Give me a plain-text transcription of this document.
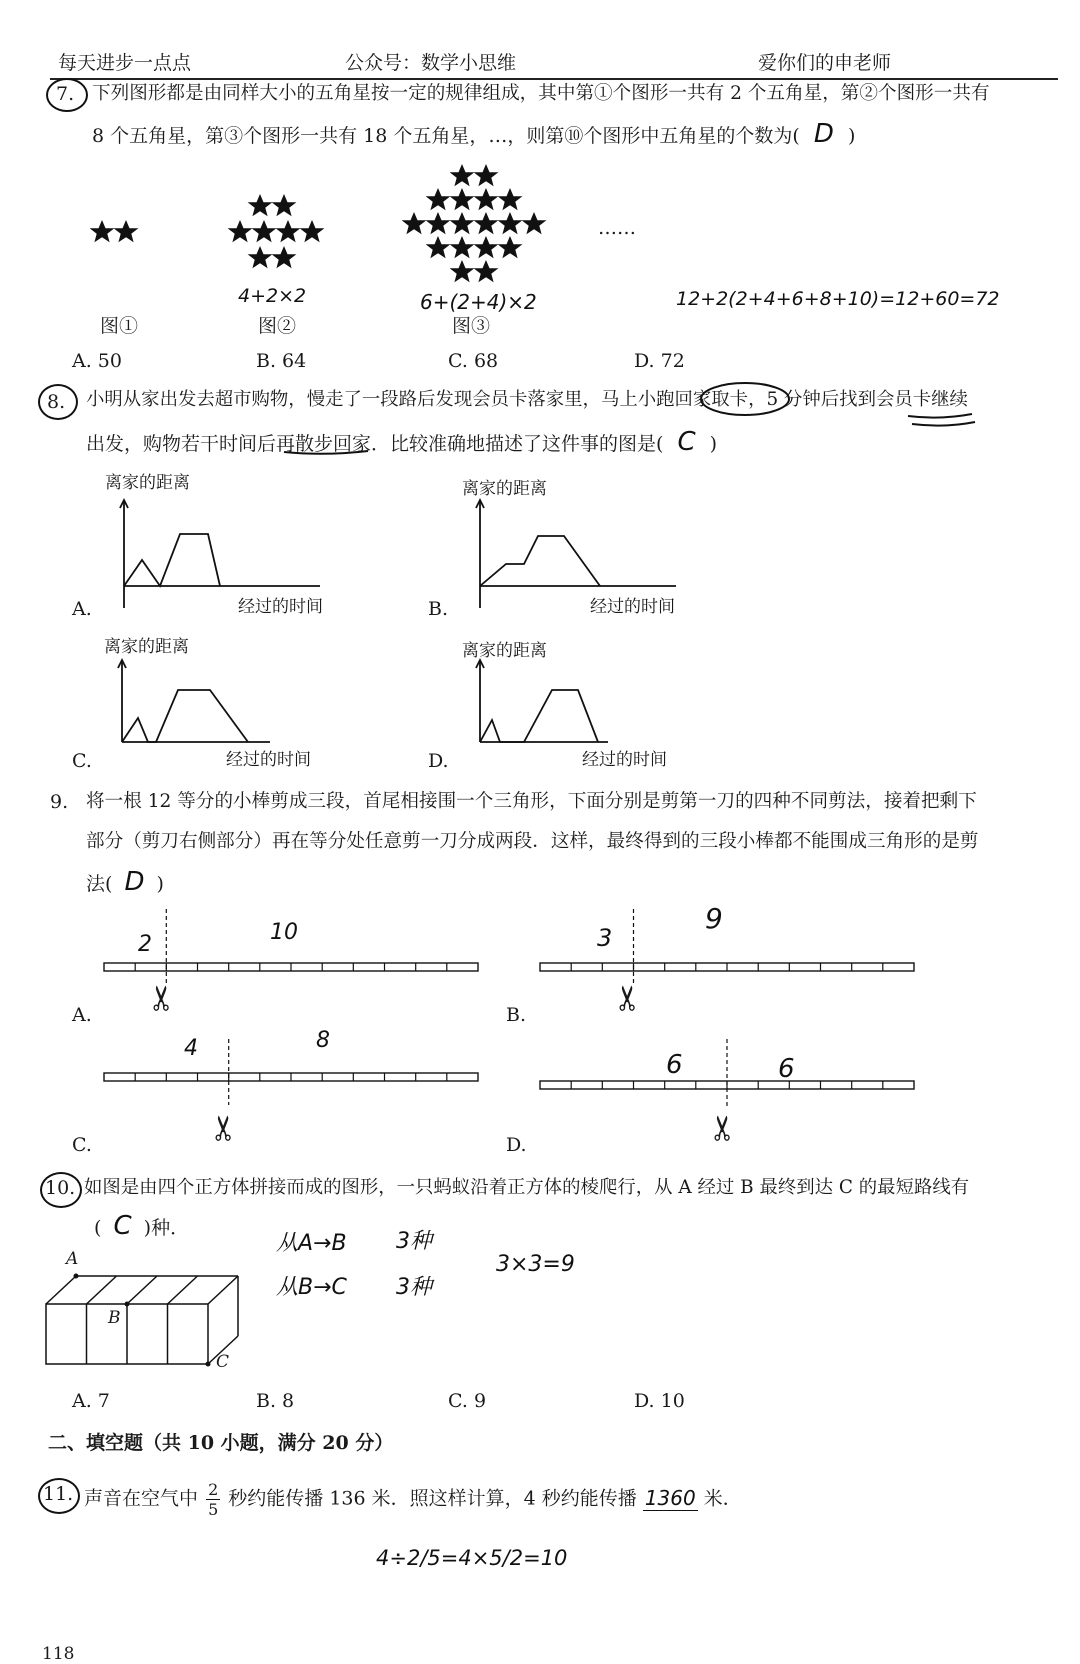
每天进步一点点	公众号：数学小思维	爱你们的申老师
7. 下列图形都是由同样大小的五角星按一定的规律组成，其中第①个图形一共有 2 个五角星，第②个图形一共有
8 个五角星，第③个图形一共有 18 个五角星，…，则第⑩个图形中五角星的个数为( D )
……
4+2×2	6+(2+4)×2	12+2(2+4+6+8+10)=12+60=72
图①	图②	图③
A. 50	B. 64	C. 68	D. 72
8. 小明从家出发去超市购物，慢走了一段路后发现会员卡落家里，马上小跑回家取卡，5 分钟后找到会员卡继续
出发，购物若干时间后再散步回家．比较准确地描述了这件事的图是( C )
离家的距离
经过的时间
A.
离家的距离
经过的时间
B.
离家的距离
经过的时间
C.
离家的距离
经过的时间
D.
9. 将一根 12 等分的小棒剪成三段，首尾相接围一个三角形，下面分别是剪第一刀的四种不同剪法，接着把剩下
部分（剪刀右侧部分）再在等分处任意剪一刀分成两段．这样，最终得到的三段小棒都不能围成三角形的是剪
法( D )
✂	✂
✂	✂
2	10	3
9
4	8
6	6
A.	B.
C.	D.
10. 如图是由四个正方体拼接而成的图形，一只蚂蚁沿着正方体的棱爬行，从 A 经过 B 最终到达 C 的最短路线有
( C )种．
A
B
C
从A→B 3种
从B→C 3种
3×3=9
A. 7	B. 8	C. 9	D. 10
二、填空题（共 10 小题，满分 20 分）
11. 声音在空气中 $\frac{2}{5}$ 秒约能传播 136 米．照这样计算，4 秒约能传播 1360 米．
4÷2/5=4×5/2=10
118
